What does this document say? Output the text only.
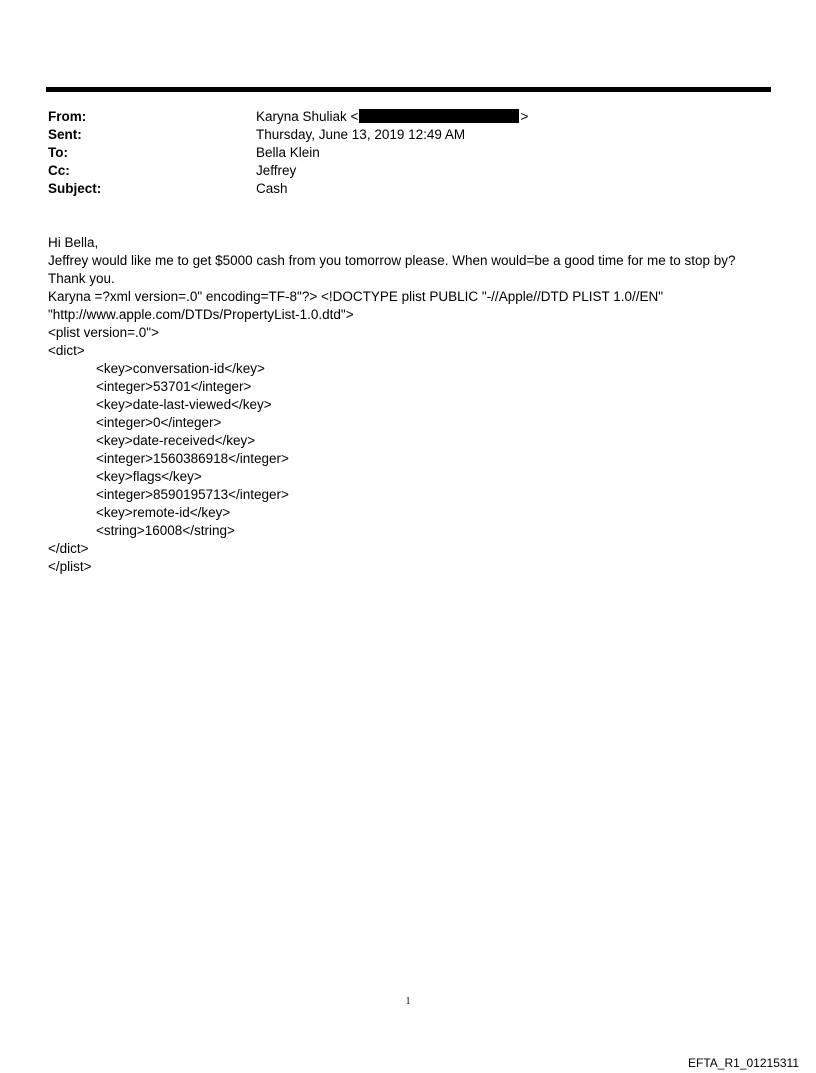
From:	Karyna Shuliak <	>
Sent:	Thursday, June 13, 2019 12:49 AM
To:	Bella Klein
Cc:	Jeffrey
Subject:	Cash
Hi Bella,
Jeffrey would like me to get $5000 cash from you tomorrow please. When would=be a good time for me to stop by?
Thank you.
Karyna =?xml version=.0" encoding=TF-8"?> <!DOCTYPE plist PUBLIC "-//Apple//DTD PLIST 1.0//EN"
"http://www.apple.com/DTDs/PropertyList-1.0.dtd">
<plist version=.0">
<dict>
<key>conversation-id</key>
<integer>53701</integer>
<key>date-last-viewed</key>
<integer>0</integer>
<key>date-received</key>
<integer>1560386918</integer>
<key>flags</key>
<integer>8590195713</integer>
<key>remote-id</key>
<string>16008</string>
</dict>
</plist>
1
EFTA_R1_01215311
